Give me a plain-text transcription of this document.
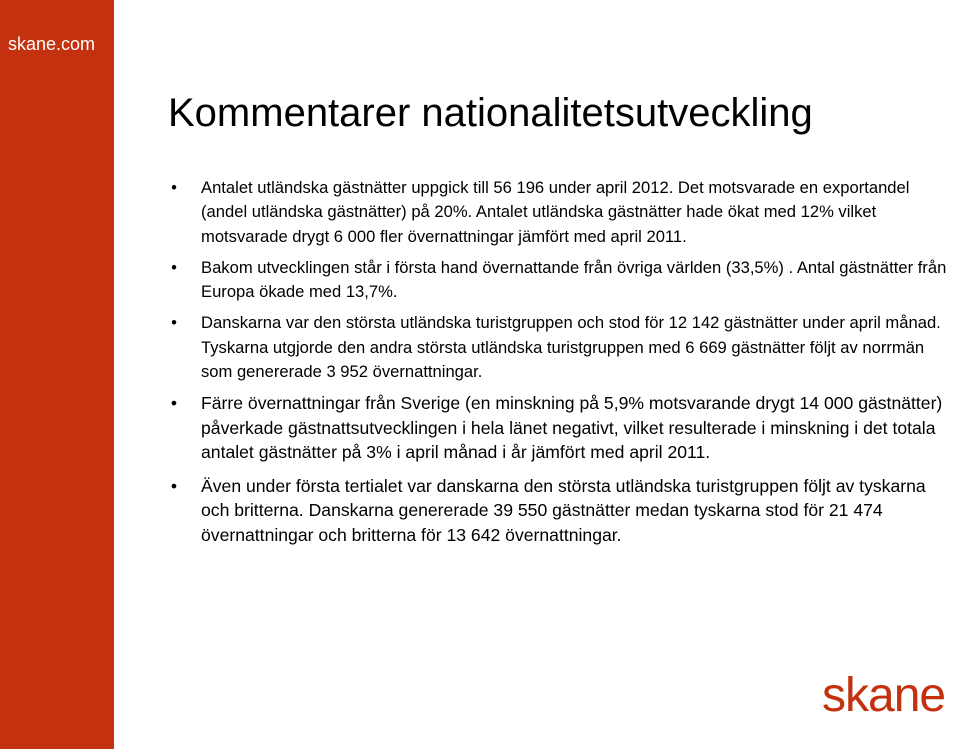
skane.com
Kommentarer nationalitetsutveckling
• Antalet utländska gästnätter uppgick till 56 196 under april 2012. Det motsvarade en exportandel (andel utländska gästnätter) på 20%. Antalet utländska gästnätter hade ökat med 12% vilket motsvarade drygt 6 000 fler övernattningar jämfört med april 2011.
• Bakom utvecklingen står i första hand övernattande från övriga världen (33,5%) . Antal gästnätter från Europa ökade med 13,7%.
• Danskarna var den största utländska turistgruppen och stod för 12 142 gästnätter under april månad. Tyskarna utgjorde den andra största utländska turistgruppen med 6 669 gästnätter följt av norrmän som genererade 3 952 övernattningar.
• Färre övernattningar från Sverige (en minskning på 5,9% motsvarande drygt 14 000 gästnätter) påverkade gästnattsutvecklingen i hela länet negativt, vilket resulterade i minskning i det totala antalet gästnätter på 3% i april månad i år jämfört med april 2011.
• Även under första tertialet var danskarna den största utländska turistgruppen följt av tyskarna och britterna. Danskarna genererade 39 550 gästnätter medan tyskarna stod för 21 474 övernattningar och britterna för 13 642 övernattningar.
skane
